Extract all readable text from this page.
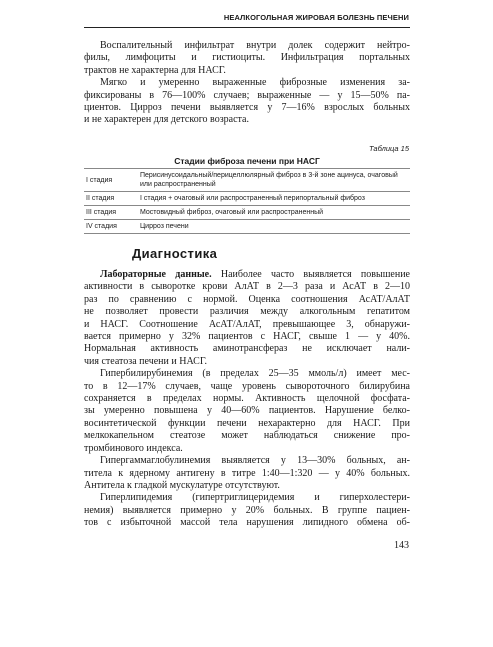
НЕАЛКОГОЛЬНАЯ ЖИРОВАЯ БОЛЕЗНЬ ПЕЧЕНИ

Воспалительный инфильтрат внутри долек содержит нейтро-
филы, лимфоциты и гистиоциты. Инфильтрация портальных
трактов не характерна для НАСГ.

Мягко и умеренно выраженные фиброзные изменения за-
фиксированы в 76—100% случаев; выраженные — у 15—50% па-
циентов. Цирроз печени выявляется у 7—16% взрослых больных
и не характерен для детского возраста.

Таблица 15
Стадии фиброза печени при НАСГ
I стадия	Перисинусоидальный/перицеллюлярный фиброз в 3-й зоне ацинуса, очаговый или распространенный
II стадия	I стадия + очаговый или распространенный перипортальный фиброз
III стадия	Мостовидный фиброз, очаговый или распространенный
IV стадия	Цирроз печени
Диагностика

Лабораторные данные. Наиболее часто выявляется повышение
активности в сыворотке крови АлАТ в 2—3 раза и АсАТ в 2—10
раз по сравнению с нормой. Оценка соотношения АсАТ/АлАТ
не позволяет провести различия между алкогольным гепатитом
и НАСГ. Соотношение АсАТ/АлАТ, превышающее 3, обнаружи-
вается примерно у 32% пациентов с НАСГ, свыше 1 — у 40%.
Нормальная активность аминотрансфераз не исключает нали-
чия стеатоза печени и НАСГ.

Гипербилирубинемия (в пределах 25—35 ммоль/л) имеет мес-
то в 12—17% случаев, чаще уровень сывороточного билирубина
сохраняется в пределах нормы. Активность щелочной фосфата-
зы умеренно повышена у 40—60% пациентов. Нарушение белко-
восинтетической функции печени нехарактерно для НАСГ. При
мелкокапельном стеатозе может наблюдаться снижение про-
тромбинового индекса.

Гипергаммаглобулинемия выявляется у 13—30% больных, ан-
титела к ядерному антигену в титре 1:40—1:320 — у 40% больных.
Антитела к гладкой мускулатуре отсутствуют.

Гиперлипидемия (гипертриглицеридемия и гиперхолестери-
немия) выявляется примерно у 20% больных. В группе пациен-
тов с избыточной массой тела нарушения липидного обмена об-

143
